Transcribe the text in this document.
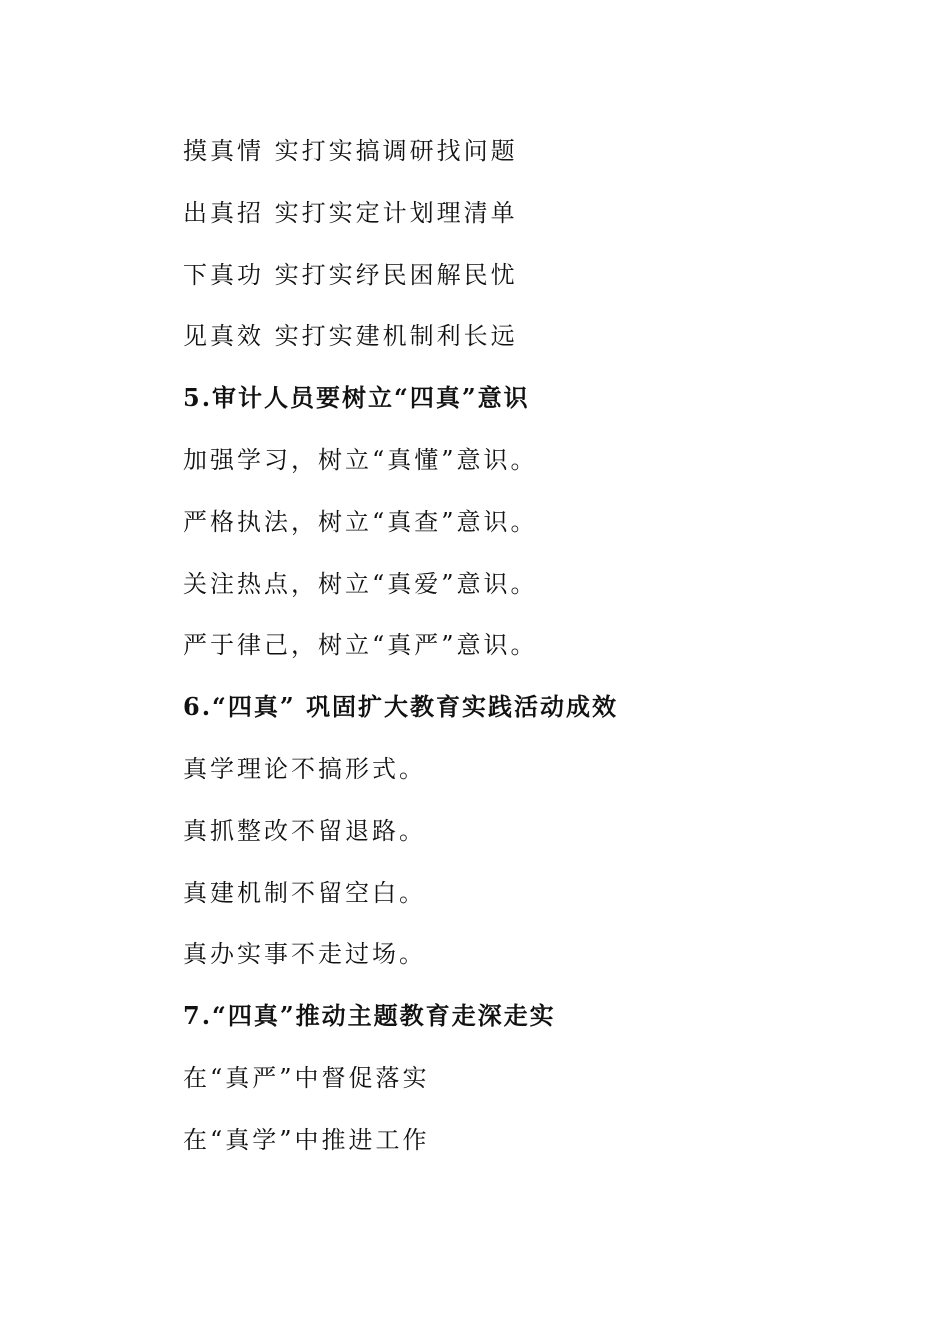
摸真情 实打实搞调研找问题
出真招 实打实定计划理清单
下真功 实打实纾民困解民忧
见真效 实打实建机制利长远
5.审计人员要树立“四真”意识
加强学习，树立“真懂”意识。
严格执法，树立“真查”意识。
关注热点，树立“真爱”意识。
严于律己，树立“真严”意识。
6.“四真” 巩固扩大教育实践活动成效
真学理论不搞形式。
真抓整改不留退路。
真建机制不留空白。
真办实事不走过场。
7.“四真”推动主题教育走深走实
在“真严”中督促落实
在“真学”中推进工作
